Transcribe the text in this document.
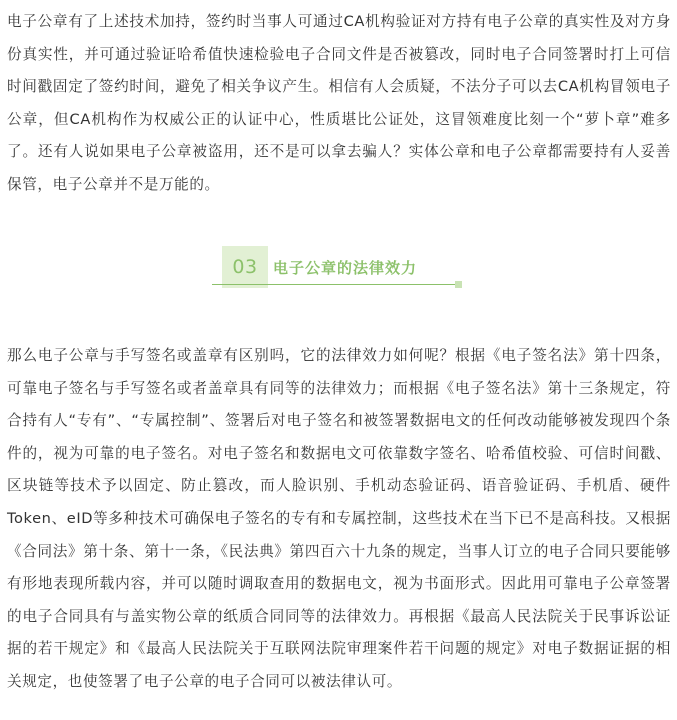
电子公章有了上述技术加持，签约时当事人可通过CA机构验证对方持有电子公章的真实性及对方身份真实性，并可通过验证哈希值快速检验电子合同文件是否被篡改，同时电子合同签署时打上可信时间戳固定了签约时间，避免了相关争议产生。相信有人会质疑，不法分子可以去CA机构冒领电子公章，但CA机构作为权威公正的认证中心，性质堪比公证处，这冒领难度比刻一个“萝卜章”难多了。还有人说如果电子公章被盗用，还不是可以拿去骗人？实体公章和电子公章都需要持有人妥善保管，电子公章并不是万能的。

03	电子公章的法律效力

那么电子公章与手写签名或盖章有区别吗，它的法律效力如何呢？根据《电子签名法》第十四条，可靠电子签名与手写签名或者盖章具有同等的法律效力；而根据《电子签名法》第十三条规定，符合持有人“专有”、“专属控制”、签署后对电子签名和被签署数据电文的任何改动能够被发现四个条件的，视为可靠的电子签名。对电子签名和数据电文可依靠数字签名、哈希值校验、可信时间戳、区块链等技术予以固定、防止篡改，而人脸识别、手机动态验证码、语音验证码、手机盾、硬件Token、eID等多种技术可确保电子签名的专有和专属控制，这些技术在当下已不是高科技。又根据《合同法》第十条、第十一条，《民法典》第四百六十九条的规定，当事人订立的电子合同只要能够有形地表现所载内容，并可以随时调取查用的数据电文，视为书面形式。因此用可靠电子公章签署的电子合同具有与盖实物公章的纸质合同同等的法律效力。再根据《最高人民法院关于民事诉讼证据的若干规定》和《最高人民法院关于互联网法院审理案件若干问题的规定》对电子数据证据的相关规定，也使签署了电子公章的电子合同可以被法律认可。
